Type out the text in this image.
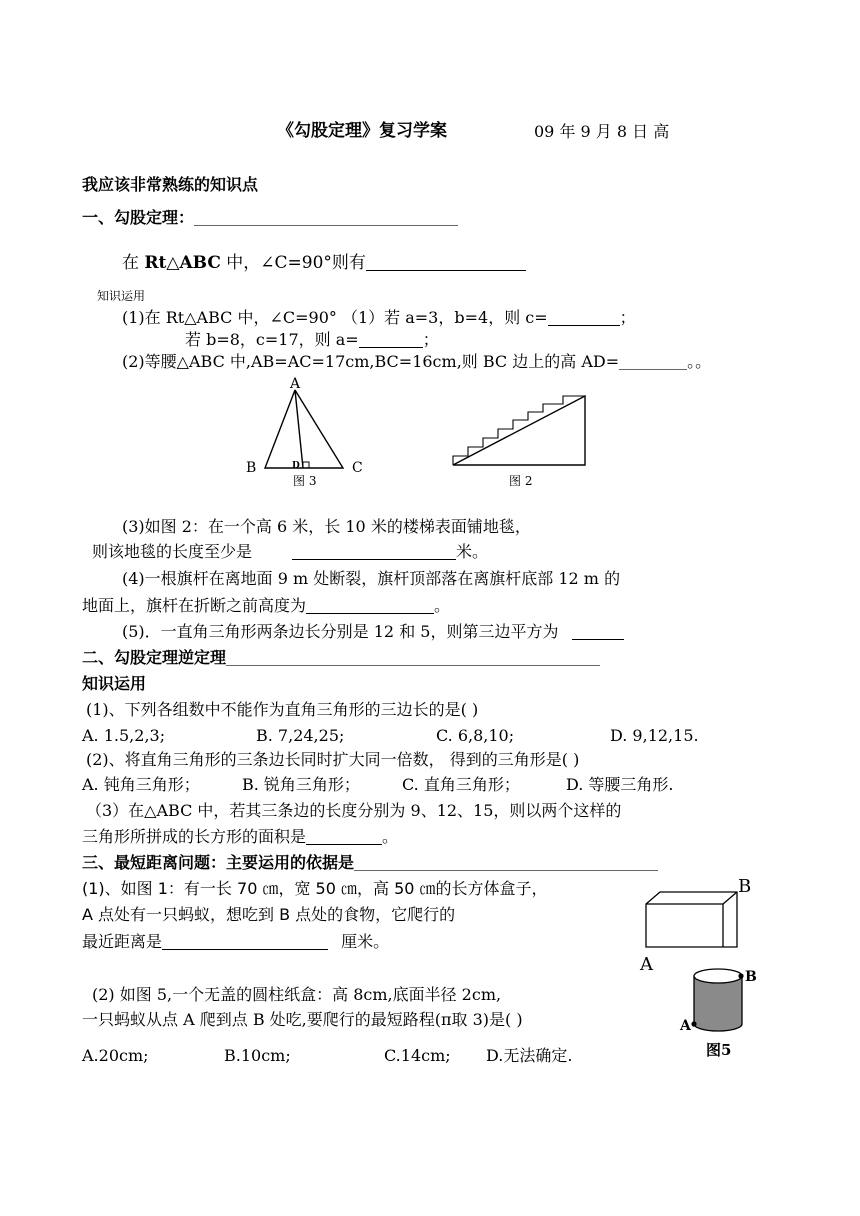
《勾股定理》复习学案	09 年 9 月 8 日 高
我应该非常熟练的知识点
一、勾股定理：
在 Rt△ABC 中，∠C=90°则有
知识运用
(1)在 Rt△ABC 中，∠C=90° （1）若 a=3，b=4，则 c=	；
若 b=8，c=17，则 a=	；
(2)等腰△ABC 中,AB=AC=17cm,BC=16cm,则 BC 边上的高 AD=	。。
A
B	C
D
图 3	图 2
(3)如图 2：在一个高 6 米，长 10 米的楼梯表面铺地毯，
则该地毯的长度至少是	米。
(4)一根旗杆在离地面 9 m 处断裂，旗杆顶部落在离旗杆底部 12 m 的
地面上，旗杆在折断之前高度为	。
(5)．一直角三角形两条边长分别是 12 和 5，则第三边平方为
二、勾股定理逆定理
知识运用
(1)、下列各组数中不能作为直角三角形的三边长的是( )
A. 1.5,2,3;	B. 7,24,25;	C. 6,8,10;	D. 9,12,15.
(2)、将直角三角形的三条边长同时扩大同一倍数， 得到的三角形是( )
A. 钝角三角形；	B. 锐角三角形；	C. 直角三角形；	D. 等腰三角形.
（3）在△ABC 中，若其三条边的长度分别为 9、12、15，则以两个这样的
三角形所拼成的长方形的面积是	。
三、最短距离问题：主要运用的依据是
(1)、如图 1：有一长 70 ㎝，宽 50 ㎝，高 50 ㎝的长方体盒子，
A 点处有一只蚂蚁，想吃到 B 点处的食物，它爬行的
最近距离是	厘米。
B
A
(2) 如图 5,一个无盖的圆柱纸盒：高 8cm,底面半径 2cm,
一只蚂蚁从点 A 爬到点 B 处吃,要爬行的最短路程(π取 3)是( )
A.20cm;	B.10cm;	C.14cm; D.无法确定.
B
A
图5
